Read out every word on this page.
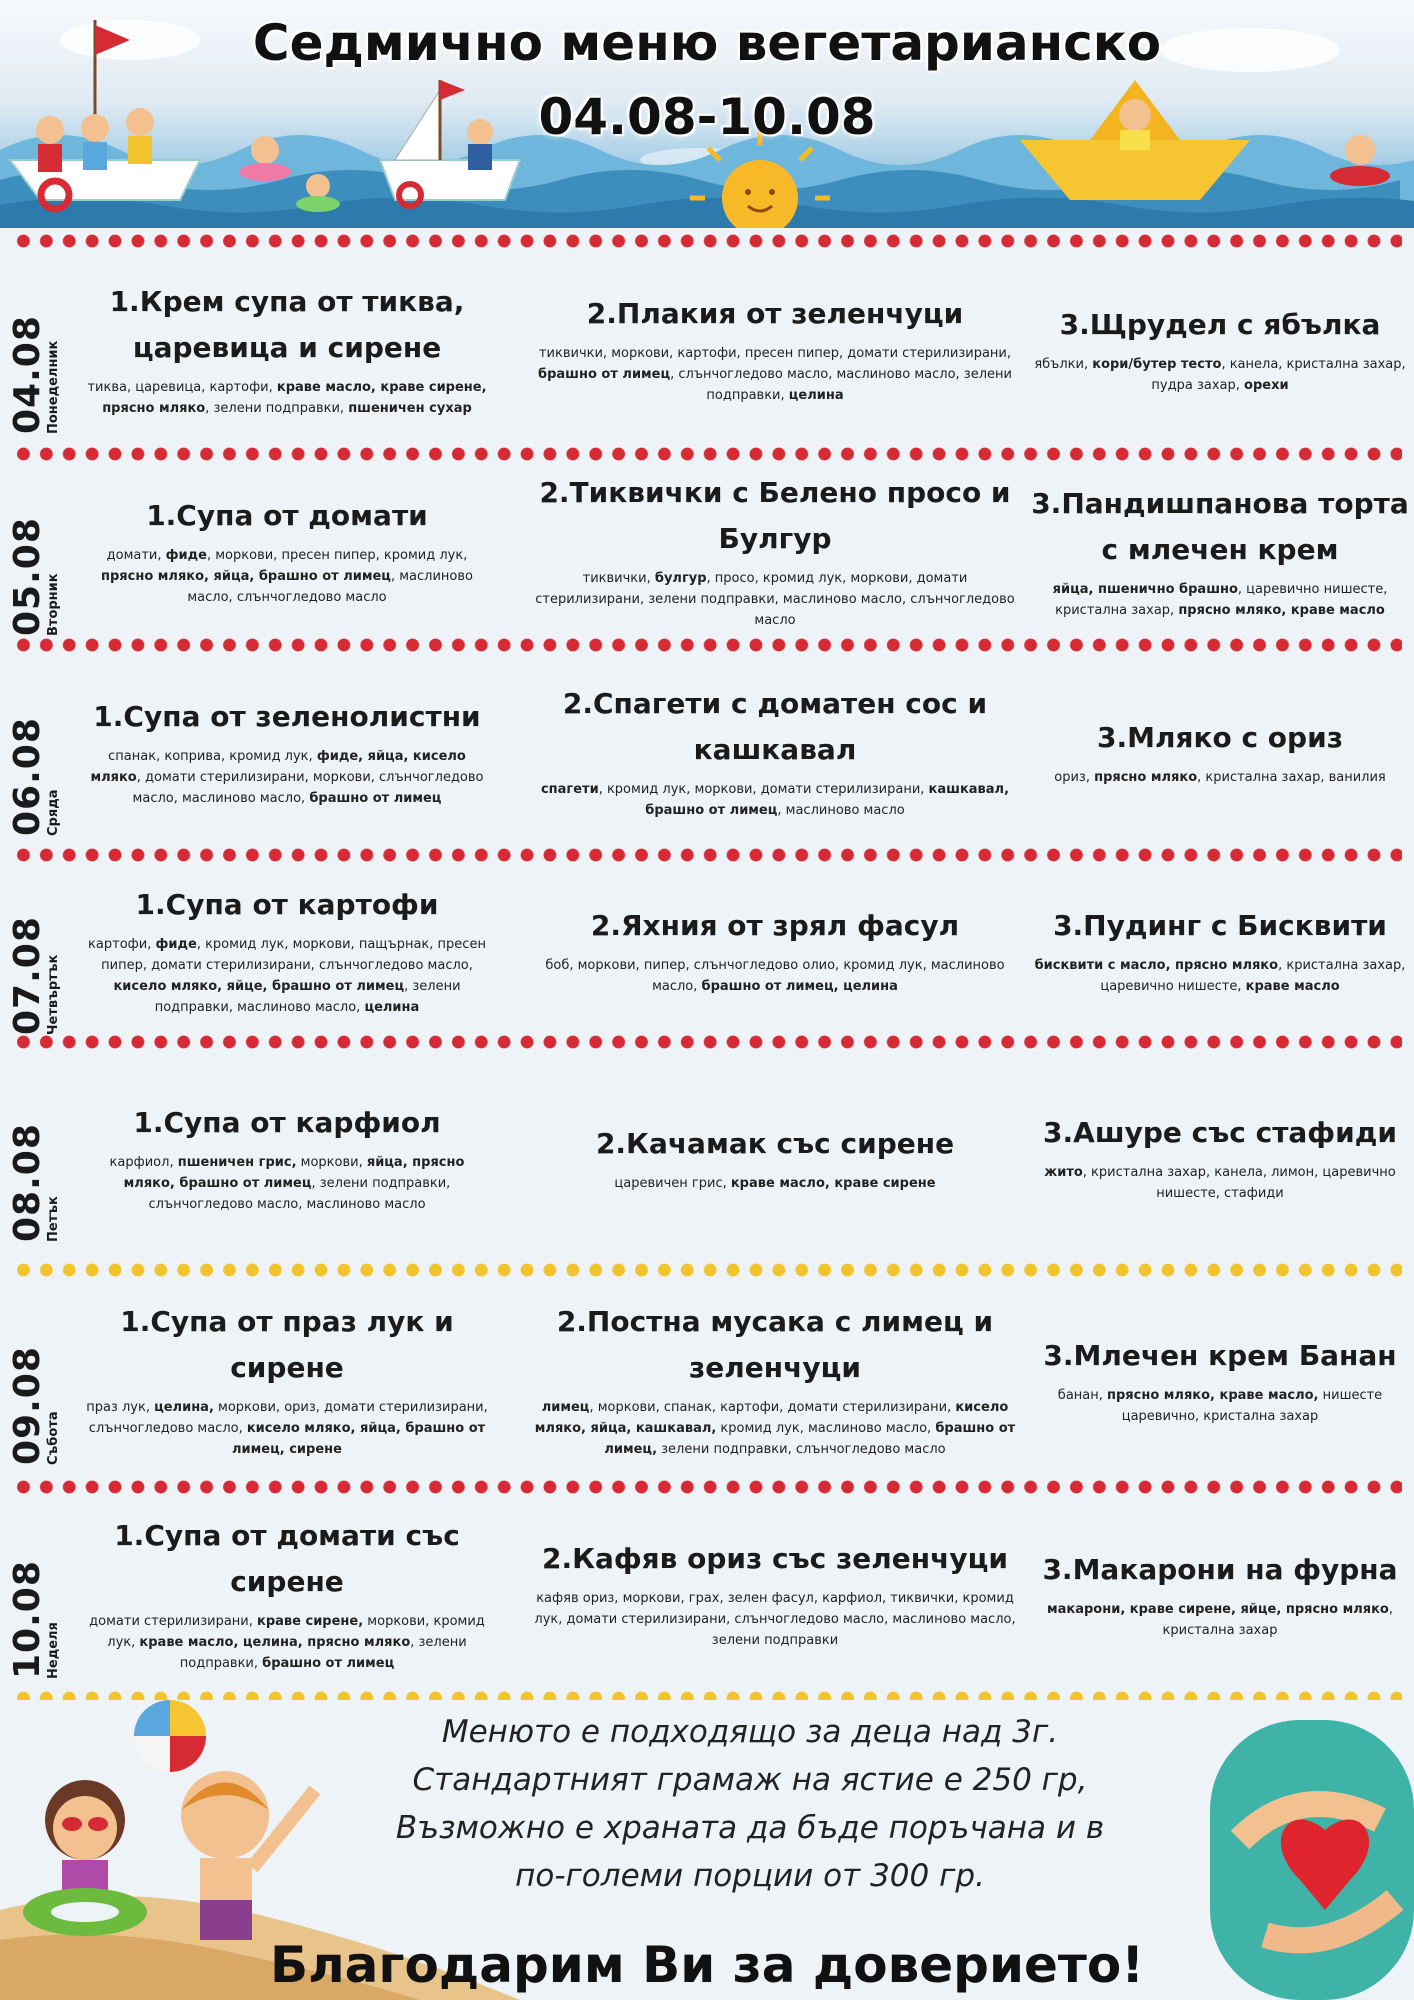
Седмично меню вегетарианско
04.08-10.08
04.08
Понеделник
1.Крем супа от тиква, царевица и сирене
тиква, царевица, картофи, краве масло, краве сирене, прясно мляко, зелени подправки, пшеничен сухар
2.Плакия от зеленчуци
тиквички, моркови, картофи, пресен пипер, домати стерилизирани, брашно от лимец, слънчогледово масло, маслиново масло, зелени подправки, целина
3.Щрудел с ябълка
ябълки, кори/бутер тесто, канела, кристална захар, пудра захар, орехи
05.08
Вторник
1.Супа от домати
домати, фиде, моркови, пресен пипер, кромид лук, прясно мляко, яйца, брашно от лимец, маслиново масло, слънчогледово масло
2.Тиквички с Белено просо и Булгур
тиквички, булгур, просо, кромид лук, моркови, домати стерилизирани, зелени подправки, маслиново масло, слънчогледово масло
3.Пандишпанова торта с млечен крем
яйца, пшенично брашно, царевично нишесте, кристална захар, прясно мляко, краве масло
06.08
Сряда
1.Супа от зеленолистни
спанак, коприва, кромид лук, фиде, яйца, кисело мляко, домати стерилизирани, моркови, слънчогледово масло, маслиново масло, брашно от лимец
2.Спагети с доматен сос и кашкавал
спагети, кромид лук, моркови, домати стерилизирани, кашкавал, брашно от лимец, маслиново масло
3.Мляко с ориз
ориз, прясно мляко, кристална захар, ванилия
07.08
Четвъртък
1.Супа от картофи
картофи, фиде, кромид лук, моркови, пащърнак, пресен пипер, домати стерилизирани, слънчогледово масло, кисело мляко, яйце, брашно от лимец, зелени подправки, маслиново масло, целина
2.Яхния от зрял фасул
боб, моркови, пипер, слънчогледово олио, кромид лук, маслиново масло, брашно от лимец, целина
3.Пудинг с Бисквити
бисквити с масло, прясно мляко, кристална захар, царевично нишесте, краве масло
08.08
Петък
1.Супа от карфиол
карфиол, пшеничен грис, моркови, яйца, прясно мляко, брашно от лимец, зелени подправки, слънчогледово масло, маслиново масло
2.Качамак със сирене
царевичен грис, краве масло, краве сирене
3.Ашуре със стафиди
жито, кристална захар, канела, лимон, царевично нишесте, стафиди
09.08
Събота
1.Супа от праз лук и сирене
праз лук, целина, моркови, ориз, домати стерилизирани, слънчогледово масло, кисело мляко, яйца, брашно от лимец, сирене
2.Постна мусака с лимец и зеленчуци
лимец, моркови, спанак, картофи, домати стерилизирани, кисело мляко, яйца, кашкавал, кромид лук, маслиново масло, брашно от лимец, зелени подправки, слънчогледово масло
3.Млечен крем Банан
банан, прясно мляко, краве масло, нишесте царевично, кристална захар
10.08
Неделя
1.Супа от домати със сирене
домати стерилизирани, краве сирене, моркови, кромид лук, краве масло, целина, прясно мляко, зелени подправки, брашно от лимец
2.Кафяв ориз със зеленчуци
кафяв ориз, моркови, грах, зелен фасул, карфиол, тиквички, кромид лук, домати стерилизирани, слънчогледово масло, маслиново масло, зелени подправки
3.Макарони на фурна
макарони, краве сирене, яйце, прясно мляко, кристална захар
Менюто е подходящо за деца над 3г.
Стандартният грамаж на ястие е 250 гр,
Възможно е храната да бъде поръчана и в
по-големи порции от 300 гр.
Благодарим Ви за доверието!
